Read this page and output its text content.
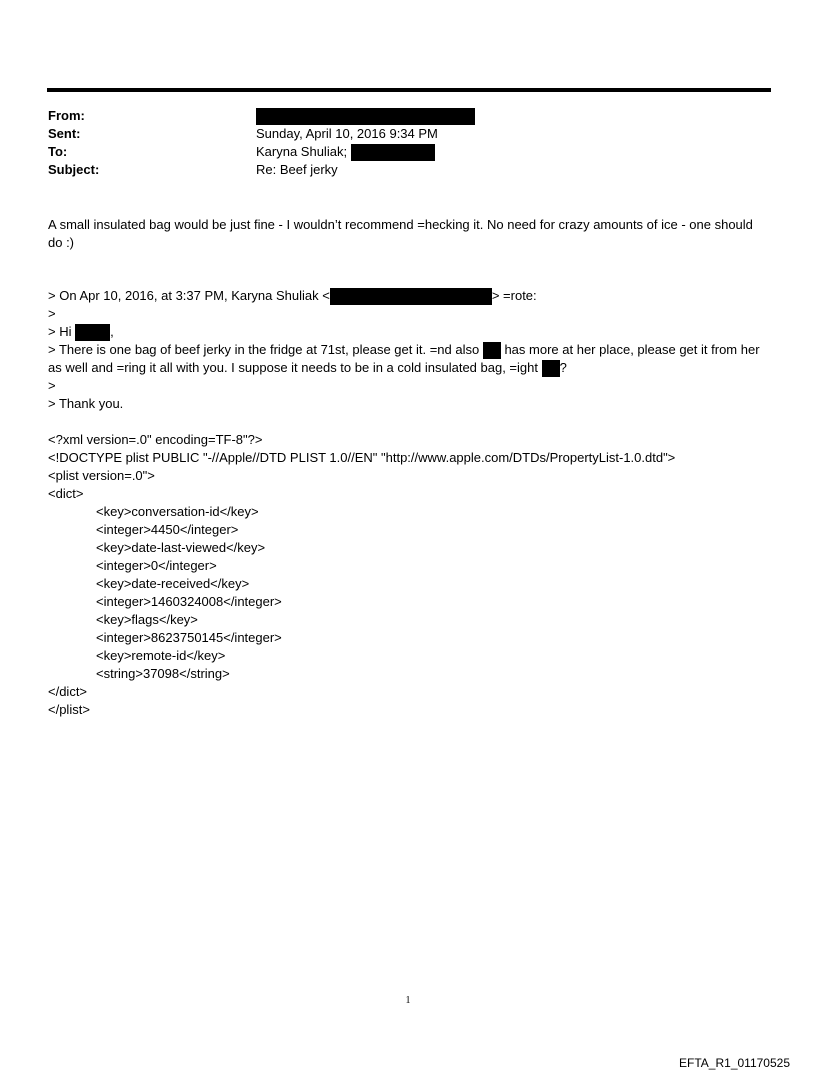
From:
Sent:	Sunday, April 10, 2016 9:34 PM
To:	Karyna Shuliak;
Subject:	Re: Beef jerky
A small insulated bag would be just fine - I wouldn’t recommend =hecking it. No need for crazy amounts of ice - one should do :)
> On Apr 10, 2016, at 3:37 PM, Karyna Shuliak <	> =rote:
>
> Hi	,
> There is one bag of beef jerky in the fridge at 71st, please get it. =nd also has more at her place, please get it from her as well and =ring it all with you. I suppose it needs to be in a cold insulated bag, =ight ?
>
> Thank you.
<?xml version=.0" encoding=TF-8"?>
<!DOCTYPE plist PUBLIC "-//Apple//DTD PLIST 1.0//EN" "http://www.apple.com/DTDs/PropertyList-1.0.dtd">
<plist version=.0">
<dict>
<key>conversation-id</key>
<integer>4450</integer>
<key>date-last-viewed</key>
<integer>0</integer>
<key>date-received</key>
<integer>1460324008</integer>
<key>flags</key>
<integer>8623750145</integer>
<key>remote-id</key>
<string>37098</string>
</dict>
</plist>
1
EFTA_R1_01170525
